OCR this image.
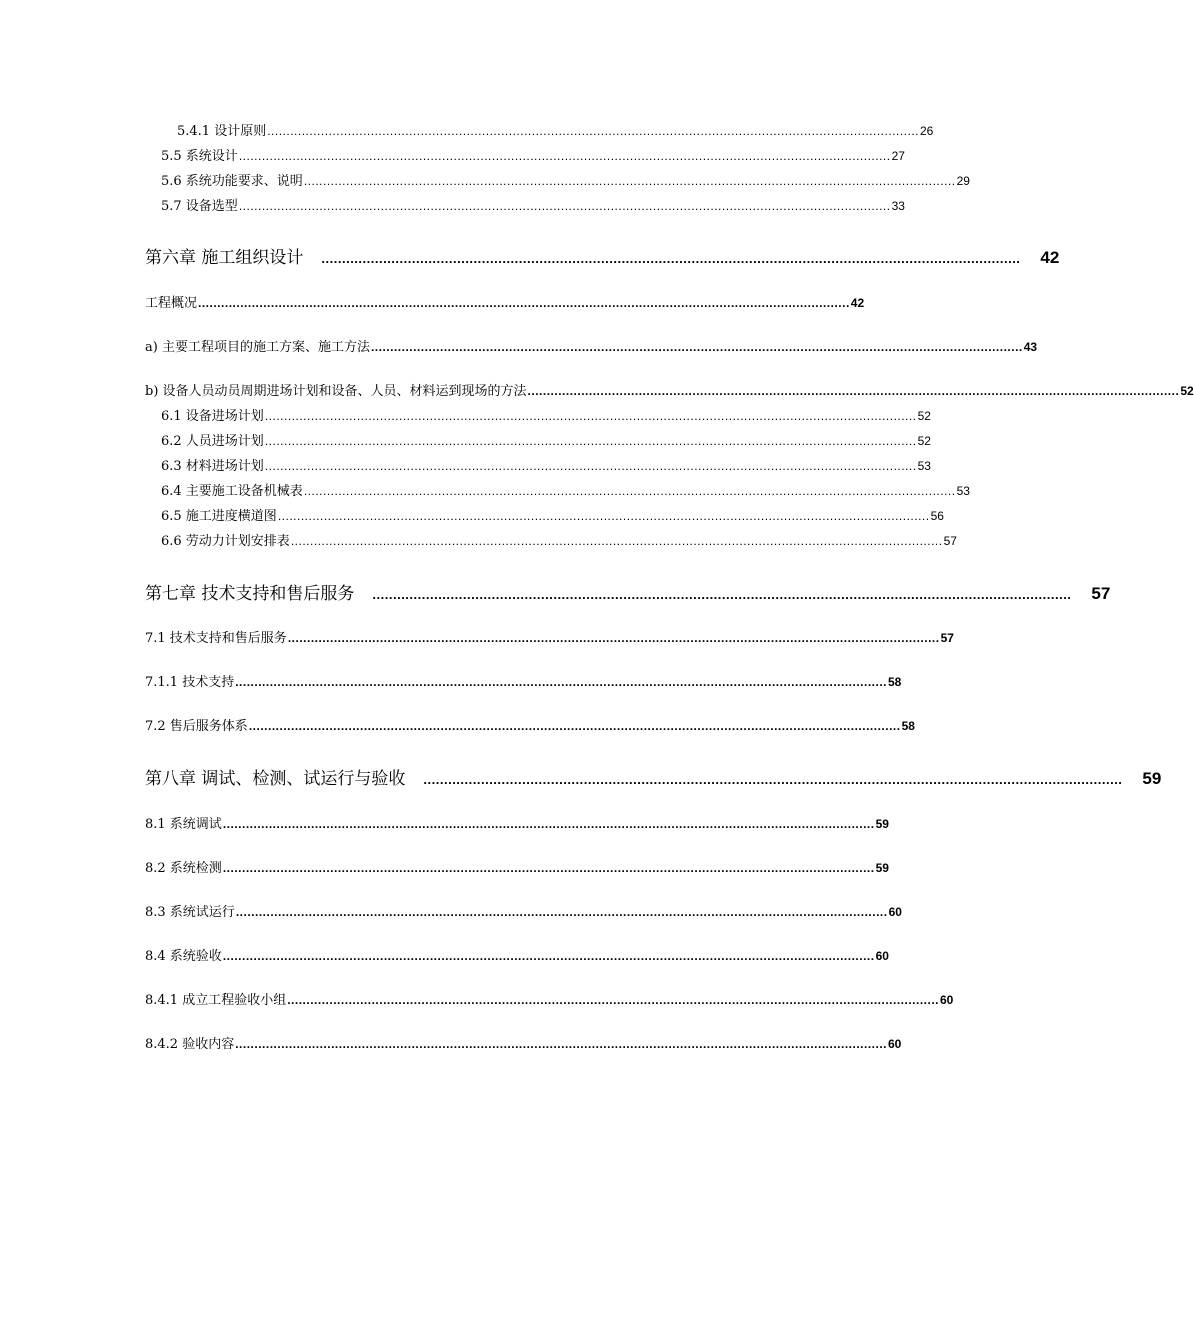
5.4.1 设计原则 .......................................................................................................................................................................... 26
5.5 系统设计 .......................................................................................................................................................................... 27
5.6 系统功能要求、说明 .......................................................................................................................................................................... 29
5.7 设备选型 .......................................................................................................................................................................... 33
第六章 施工组织设计 .......................................................................................................................................................................... 42
工程概况 .......................................................................................................................................................................... 42
a) 主要工程项目的施工方案、施工方法 .......................................................................................................................................................................... 43
b) 设备人员动员周期进场计划和设备、人员、材料运到现场的方法 .......................................................................................................................................................................... 52
6.1 设备进场计划 .......................................................................................................................................................................... 52
6.2 人员进场计划 .......................................................................................................................................................................... 52
6.3 材料进场计划 .......................................................................................................................................................................... 53
6.4 主要施工设备机械表 .......................................................................................................................................................................... 53
6.5 施工进度横道图 .......................................................................................................................................................................... 56
6.6 劳动力计划安排表 .......................................................................................................................................................................... 57
第七章 技术支持和售后服务 .......................................................................................................................................................................... 57
7.1 技术支持和售后服务 .......................................................................................................................................................................... 57
7.1.1 技术支持 .......................................................................................................................................................................... 58
7.2 售后服务体系 .......................................................................................................................................................................... 58
第八章 调试、检测、试运行与验收 .......................................................................................................................................................................... 59
8.1 系统调试 .......................................................................................................................................................................... 59
8.2 系统检测 .......................................................................................................................................................................... 59
8.3 系统试运行 .......................................................................................................................................................................... 60
8.4 系统验收 .......................................................................................................................................................................... 60
8.4.1 成立工程验收小组 .......................................................................................................................................................................... 60
8.4.2 验收内容 .......................................................................................................................................................................... 60
